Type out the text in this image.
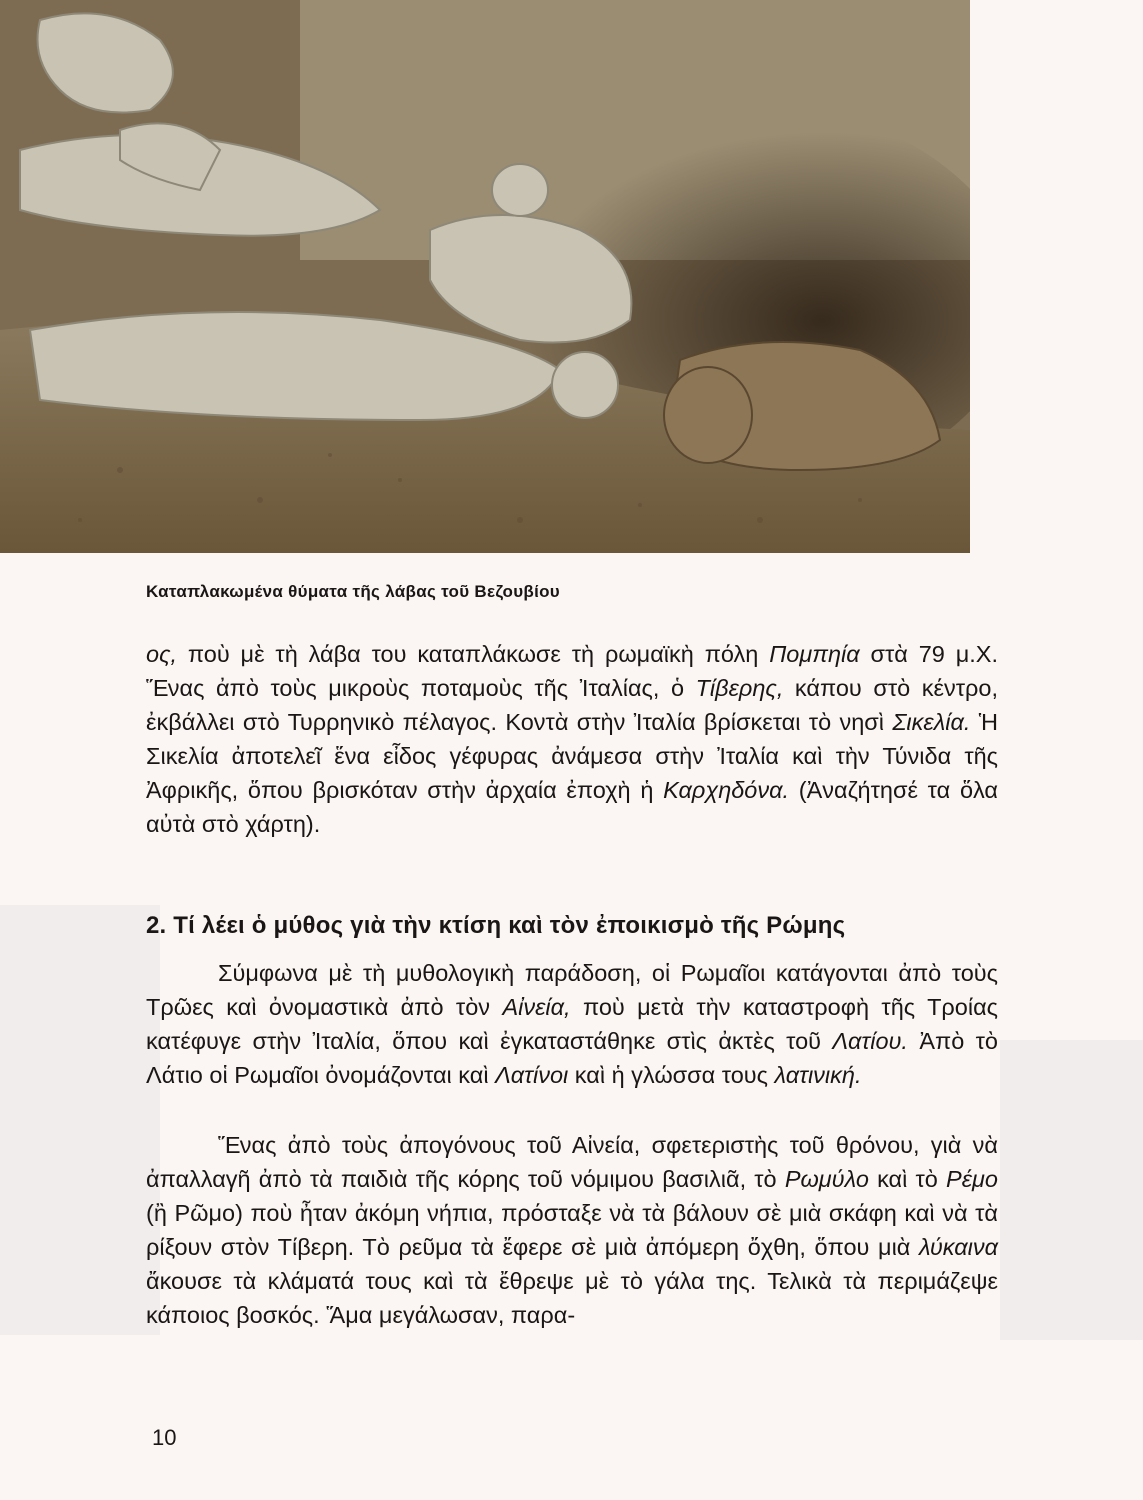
Καταπλακωμένα θύματα τῆς λάβας τοῦ Βεζουβίου

ος, ποὺ μὲ τὴ λάβα του καταπλάκωσε τὴ ρωμαϊκὴ πόλη Πομπηία στὰ 79 μ.Χ. Ἕνας ἀπὸ τοὺς μικροὺς ποταμοὺς τῆς Ἰταλίας, ὁ Τίβερης, κάπου στὸ κέντρο, ἐκβάλλει στὸ Τυρρηνικὸ πέλαγος. Κοντὰ στὴν Ἰταλία βρίσκεται τὸ νησὶ Σικελία. Ἡ Σικελία ἀποτελεῖ ἕνα εἶδος γέφυρας ἀνάμεσα στὴν Ἰταλία καὶ τὴν Τύνιδα τῆς Ἀφρικῆς, ὅπου βρισκόταν στὴν ἀρχαία ἐποχὴ ἡ Καρχηδόνα. (Ἀναζήτησέ τα ὅλα αὐτὰ στὸ χάρτη).

2. Τί λέει ὁ μύθος γιὰ τὴν κτίση καὶ τὸν ἐποικισμὸ τῆς Ρώμης

Σύμφωνα μὲ τὴ μυθολογικὴ παράδοση, οἱ Ρωμαῖοι κατάγονται ἀπὸ τοὺς Τρῶες καὶ ὀνομαστικὰ ἀπὸ τὸν Αἰνεία, ποὺ μετὰ τὴν καταστροφὴ τῆς Τροίας κατέφυγε στὴν Ἰταλία, ὅπου καὶ ἐγκαταστάθηκε στὶς ἀκτὲς τοῦ Λατίου. Ἀπὸ τὸ Λάτιο οἱ Ρωμαῖοι ὀνομάζονται καὶ Λατίνοι καὶ ἡ γλώσσα τους λατινική.

Ἕνας ἀπὸ τοὺς ἀπογόνους τοῦ Αἰνεία, σφετεριστὴς τοῦ θρόνου, γιὰ νὰ ἀπαλλαγῆ ἀπὸ τὰ παιδιὰ τῆς κόρης τοῦ νόμιμου βασιλιᾶ, τὸ Ρωμύλο καὶ τὸ Ρέμο (ἢ Ρῶμο) ποὺ ἦταν ἀκόμη νήπια, πρόσταξε νὰ τὰ βάλουν σὲ μιὰ σκάφη καὶ νὰ τὰ ρίξουν στὸν Τίβερη. Τὸ ρεῦμα τὰ ἔφερε σὲ μιὰ ἀπόμερη ὄχθη, ὅπου μιὰ λύκαινα ἄκουσε τὰ κλάματά τους καὶ τὰ ἔθρεψε μὲ τὸ γάλα της. Τελικὰ τὰ περιμάζεψε κάποιος βοσκός. Ἅμα μεγάλωσαν, παρα-

10
